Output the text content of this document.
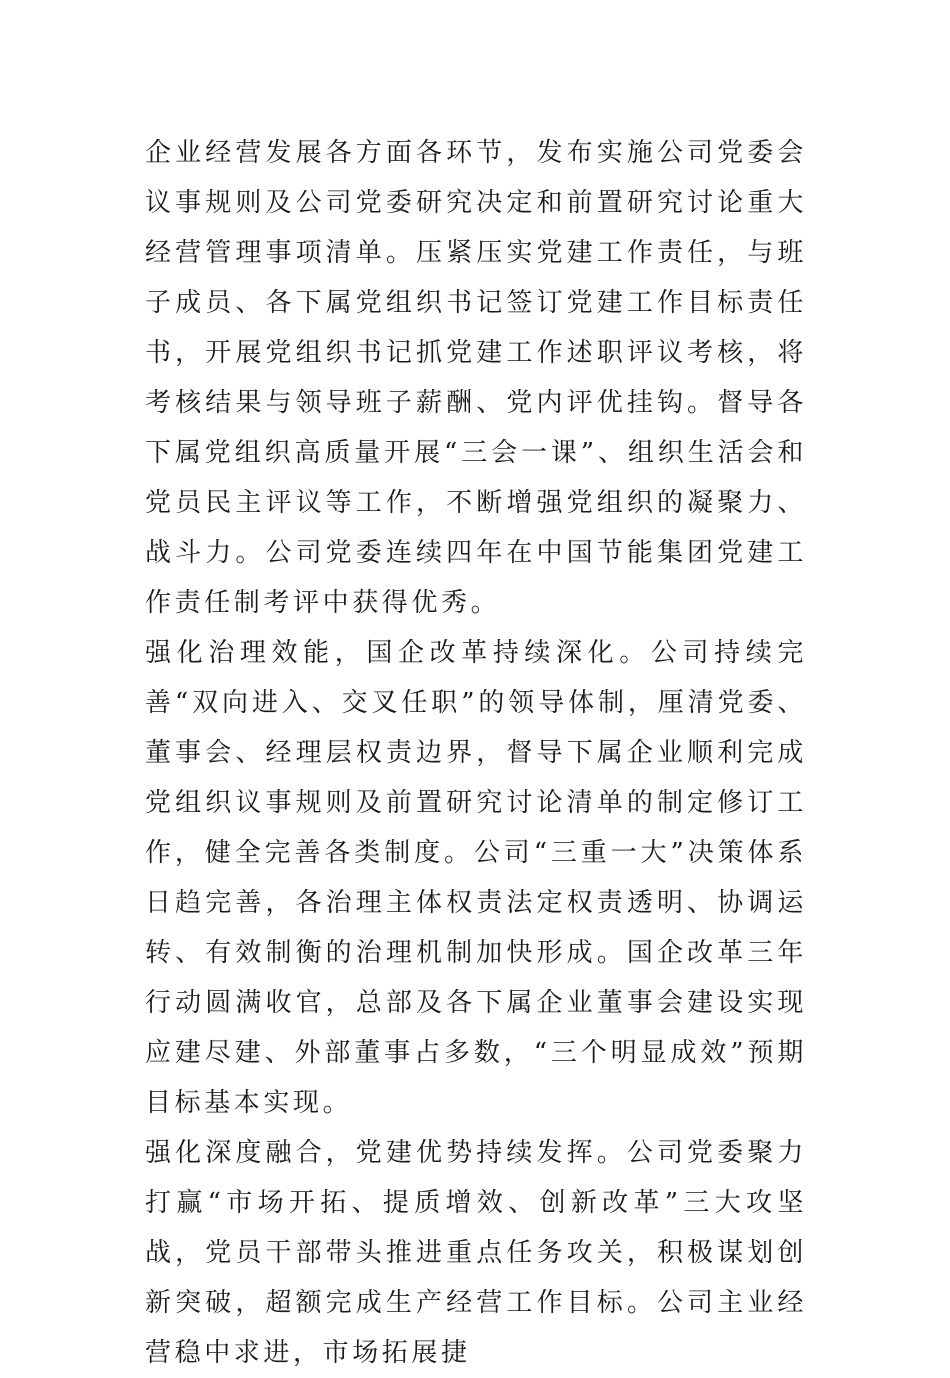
企业经营发展各方面各环节，发布实施公司党委会议事规则及公司党委研究决定和前置研究讨论重大经营管理事项清单。压紧压实党建工作责任，与班子成员、各下属党组织书记签订党建工作目标责任书，开展党组织书记抓党建工作述职评议考核，将考核结果与领导班子薪酬、党内评优挂钩。督导各下属党组织高质量开展“三会一课”、组织生活会和党员民主评议等工作，不断增强党组织的凝聚力、战斗力。公司党委连续四年在中国节能集团党建工作责任制考评中获得优秀。

强化治理效能，国企改革持续深化。公司持续完善“双向进入、交叉任职”的领导体制，厘清党委、董事会、经理层权责边界，督导下属企业顺利完成党组织议事规则及前置研究讨论清单的制定修订工作，健全完善各类制度。公司“三重一大”决策体系日趋完善，各治理主体权责法定权责透明、协调运转、有效制衡的治理机制加快形成。国企改革三年行动圆满收官，总部及各下属企业董事会建设实现应建尽建、外部董事占多数，“三个明显成效”预期目标基本实现。

强化深度融合，党建优势持续发挥。公司党委聚力打赢“市场开拓、提质增效、创新改革”三大攻坚战，党员干部带头推进重点任务攻关，积极谋划创新突破，超额完成生产经营工作目标。公司主业经营稳中求进，市场拓展捷
